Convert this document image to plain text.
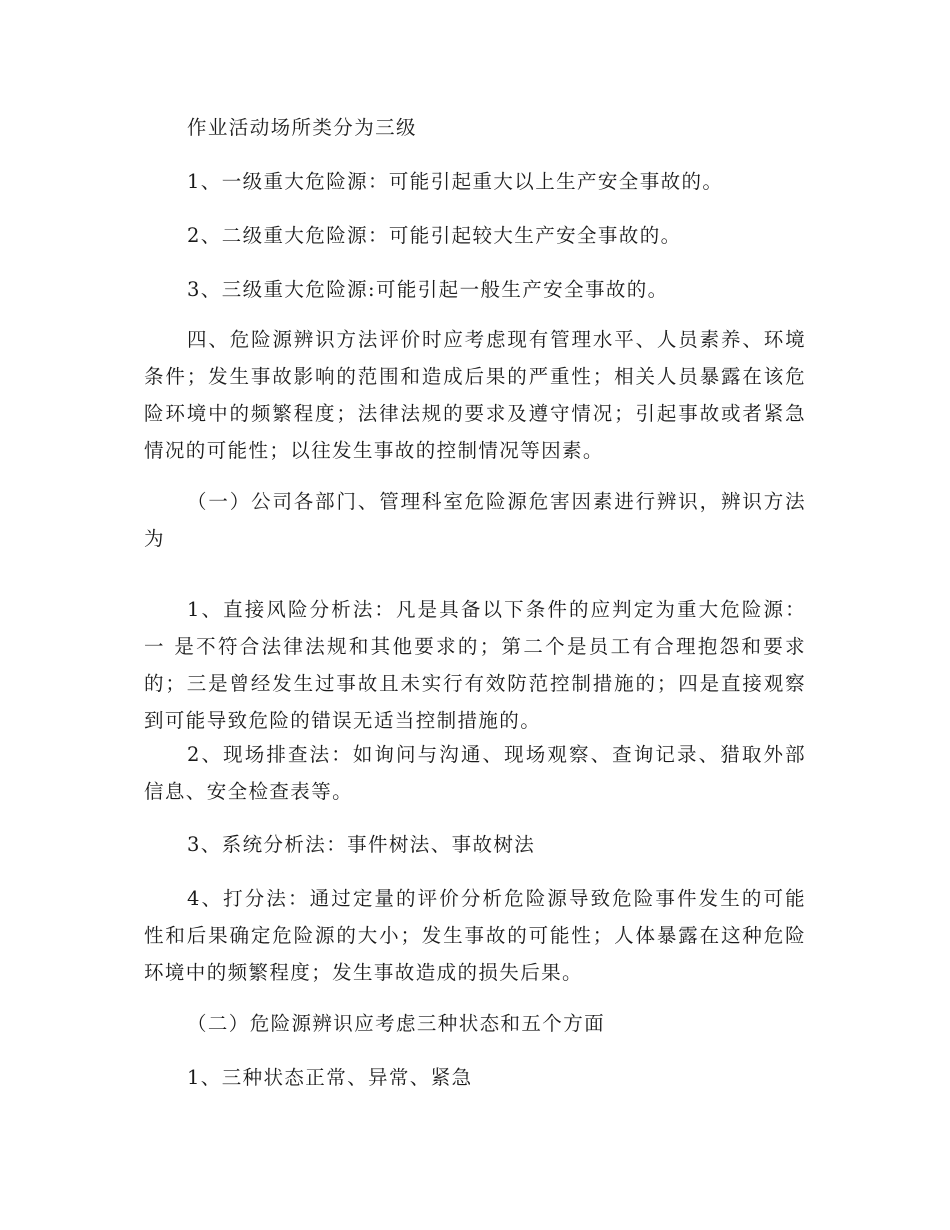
作业活动场所类分为三级

1、一级重大危险源：可能引起重大以上生产安全事故的。

2、二级重大危险源：可能引起较大生产安全事故的。

3、三级重大危险源:可能引起一般生产安全事故的。

四、危险源辨识方法评价时应考虑现有管理水平、人员素养、环境条件；发生事故影响的范围和造成后果的严重性；相关人员暴露在该危险环境中的频繁程度；法律法规的要求及遵守情况；引起事故或者紧急情况的可能性；以往发生事故的控制情况等因素。

（一）公司各部门、管理科室危险源危害因素进行辨识，辨识方法为

1、直接风险分析法：凡是具备以下条件的应判定为重大危险源：一 是不符合法律法规和其他要求的；第二个是员工有合理抱怨和要求的；三是曾经发生过事故且未实行有效防范控制措施的；四是直接观察到可能导致危险的错误无适当控制措施的。

2、现场排查法：如询问与沟通、现场观察、查询记录、猎取外部信息、安全检查表等。

3、系统分析法：事件树法、事故树法

4、打分法：通过定量的评价分析危险源导致危险事件发生的可能性和后果确定危险源的大小；发生事故的可能性；人体暴露在这种危险环境中的频繁程度；发生事故造成的损失后果。

（二）危险源辨识应考虑三种状态和五个方面

1、三种状态正常、异常、紧急
